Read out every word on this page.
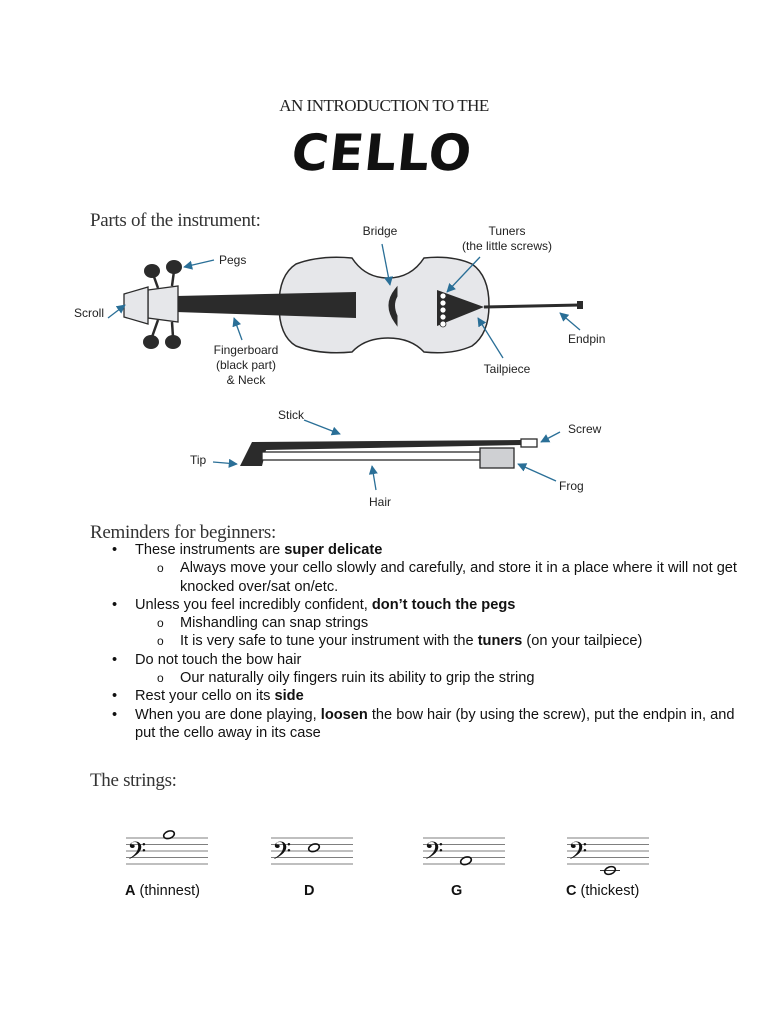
AN INTRODUCTION TO THE
CELLO
Parts of the instrument:	Bridge	Tuners
(the little screws)
Pegs
Scroll
Endpin
Fingerboard
(black part)
& Neck
Tailpiece
Stick
Screw
Tip
Frog
Hair
Reminders for beginners:
• These instruments are super delicate
o Always move your cello slowly and carefully, and store it in a place where it will not get knocked over/sat on/etc.
• Unless you feel incredibly confident, don’t touch the pegs
o Mishandling can snap strings
o It is very safe to tune your instrument with the tuners (on your tailpiece)
• Do not touch the bow hair
o Our naturally oily fingers ruin its ability to grip the string
• Rest your cello on its side
• When you are done playing, loosen the bow hair (by using the screw), put the endpin in, and put the cello away in its case
The strings:
𝄢	𝄢	𝄢	𝄢
A (thinnest)	D	G	C (thickest)
